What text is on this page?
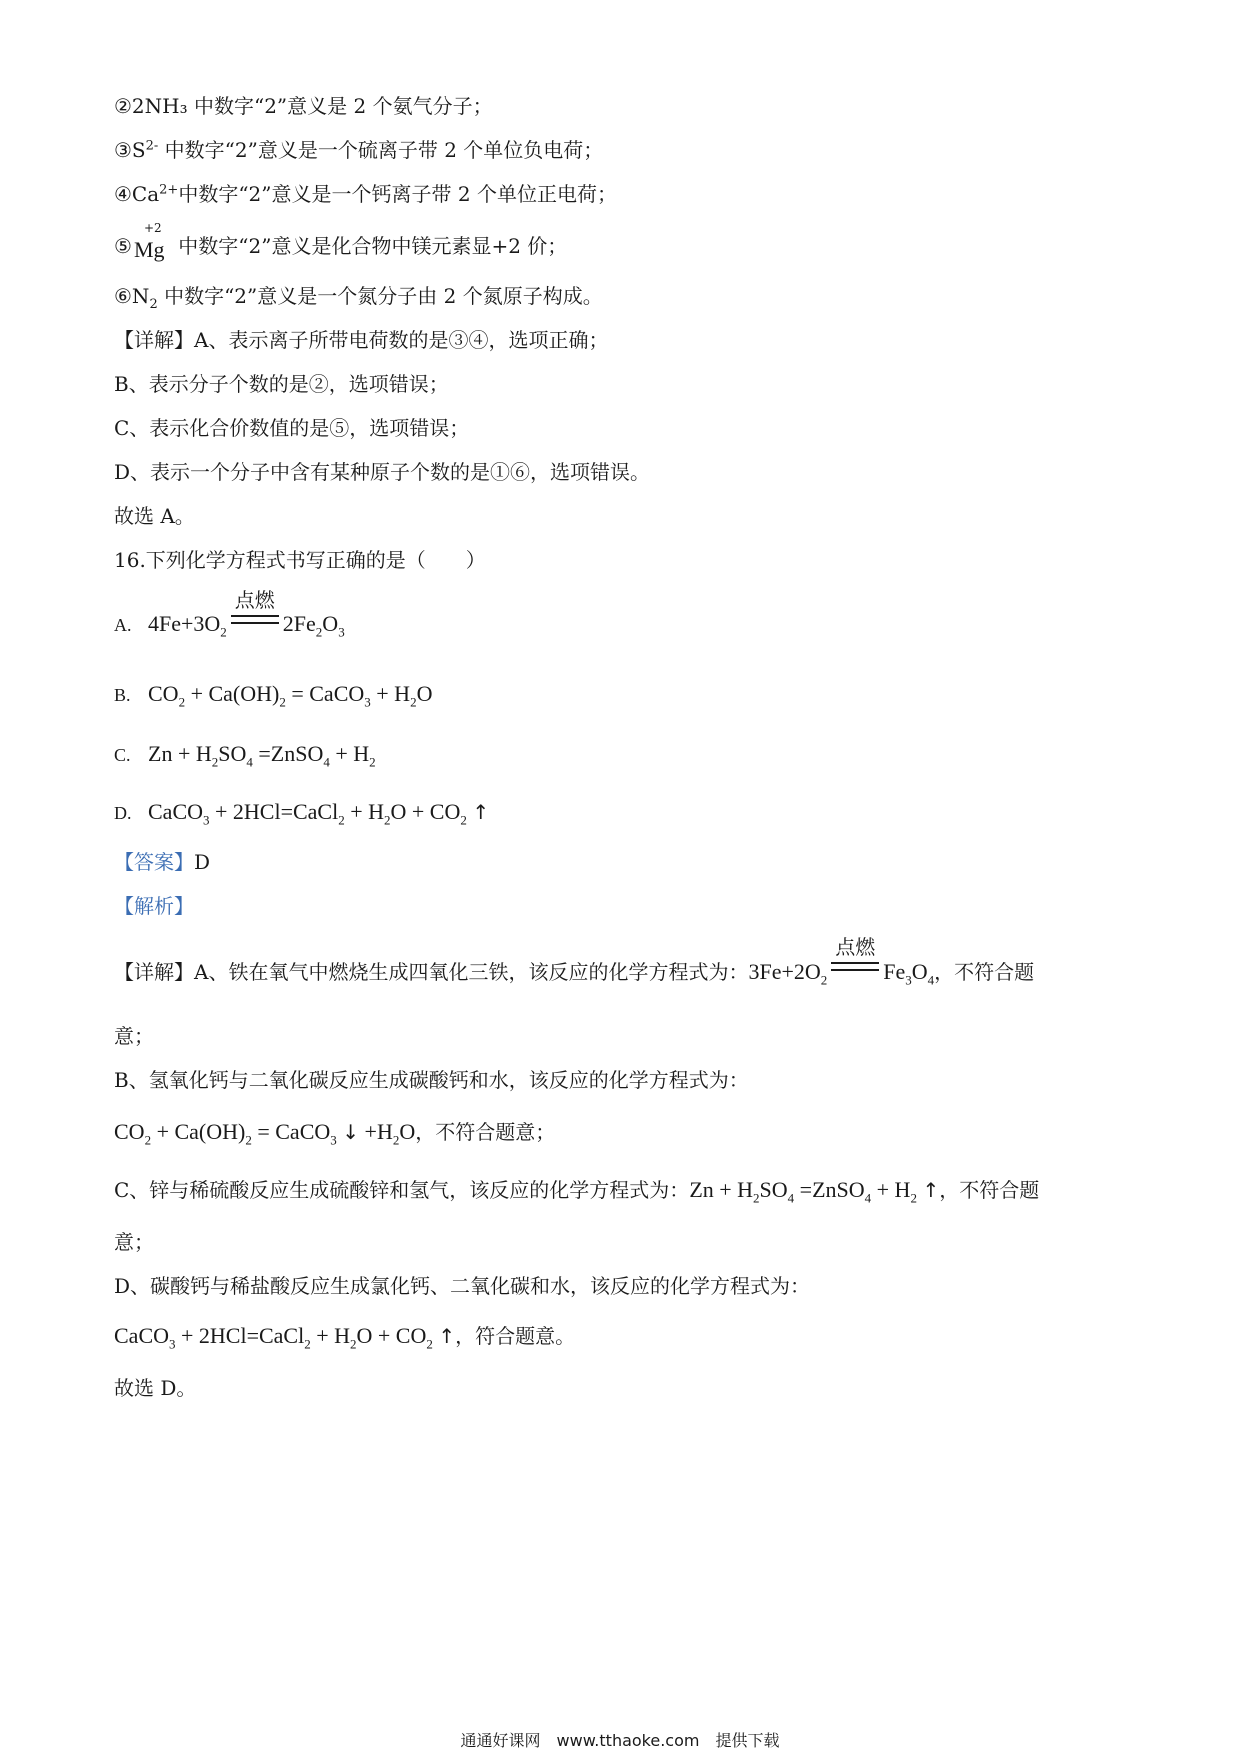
②2NH₃ 中数字“2”意义是 2 个氨气分子；
$③S^{2-}$ 中数字“2”意义是一个硫离子带 2 个单位负电荷；
$④Ca^{2+}$中数字“2”意义是一个钙离子带 2 个单位正电荷；
⑤
+2
Mg 中数字“2”意义是化合物中镁元素显+2 价；
$⑥N_2$ 中数字“2”意义是一个氮分子由 2 个氮原子构成。
【详解】A、表示离子所带电荷数的是③④，选项正确；
B、表示分子个数的是②，选项错误；
C、表示化合价数值的是⑤，选项错误；
D、表示一个分子中含有某种原子个数的是①⑥，选项错误。
故选 A。
16.下列化学方程式书写正确的是（　　）
A. $4Fe+3O_2$
点燃
$2Fe_2O_3$
B. $CO_2 + Ca(OH)_2$ = CaCO$_3$ + $H_2O$
C. $Zn + H_2SO_4$ =ZnSO$_4$ + $H_2$
D. CaCO$_3$ + 2HCl=CaCl$_2$ + $H_2O + CO_2$ ↑
【答案】D
【解析】
【详解】A、铁在氧气中燃烧生成四氧化三铁，该反应的化学方程式为：$3Fe+2O_2$
点燃
$Fe_3O_4$，不符合题
意；
B、氢氧化钙与二氧化碳反应生成碳酸钙和水，该反应的化学方程式为：
$CO_2 + Ca(OH)_2$ = CaCO$_3$ ↓ $+H_2O$，不符合题意；
C、锌与稀硫酸反应生成硫酸锌和氢气，该反应的化学方程式为：$Zn + H_2SO_4$ =ZnSO$_4$ + $H_2$ ↑，不符合题
意；
D、碳酸钙与稀盐酸反应生成氯化钙、二氧化碳和水，该反应的化学方程式为：
CaCO$_3$ + 2HCl=CaCl$_2$ + $H_2O + CO_2$ ↑，符合题意。
故选 D。
通通好课网　www.tthaoke.com　提供下载
